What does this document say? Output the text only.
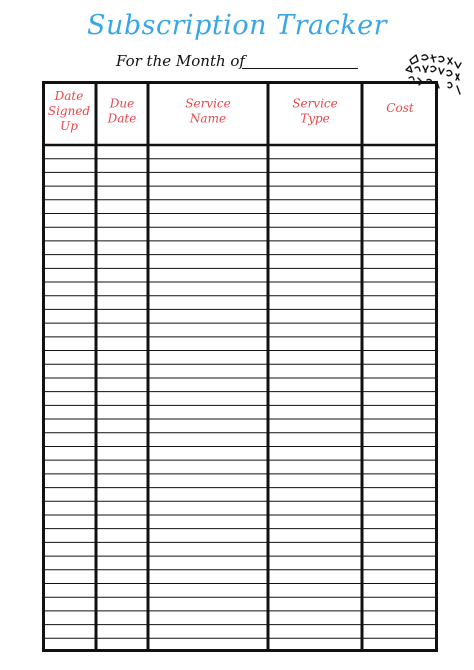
Subscription Tracker
For the Month of
Date Signed Up
Due Date
Service Name
Service Type
Cost
